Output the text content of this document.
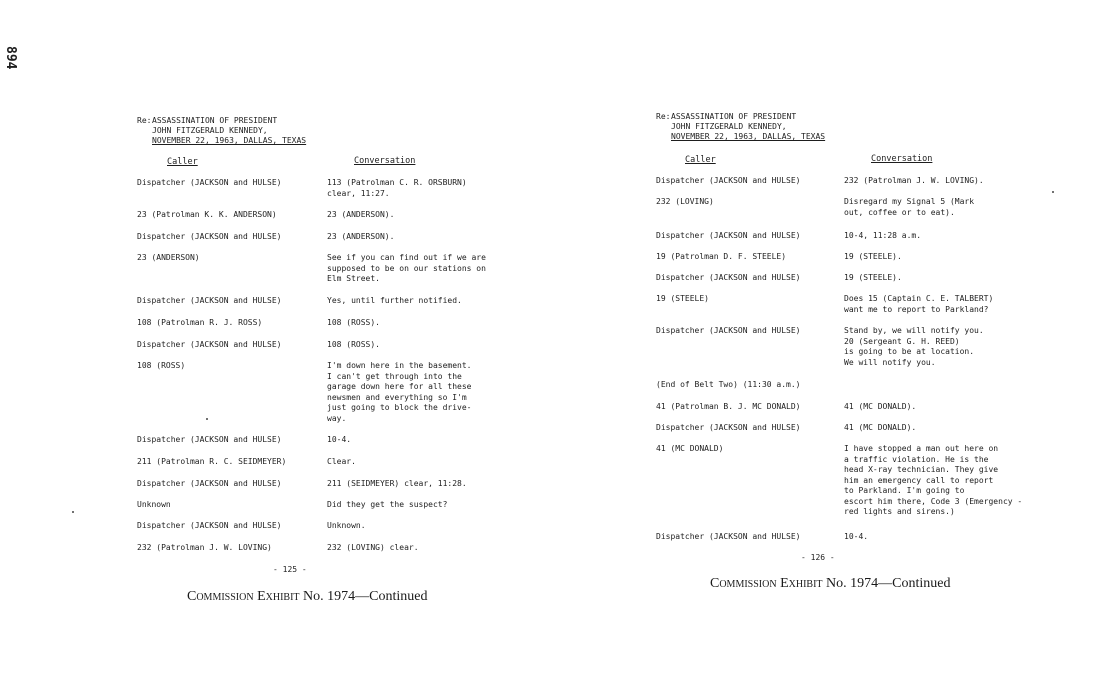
894
Re: ASSASSINATION OF PRESIDENT
JOHN FITZGERALD KENNEDY,
NOVEMBER 22, 1963, DALLAS, TEXAS
Caller	Conversation
Dispatcher (JACKSON and HULSE)	113 (Patrolman C. R. ORSBURN)
clear, 11:27.
23 (Patrolman K. K. ANDERSON)	23 (ANDERSON).
Dispatcher (JACKSON and HULSE)	23 (ANDERSON).
23 (ANDERSON)	See if you can find out if we are
supposed to be on our stations on
Elm Street.
Dispatcher (JACKSON and HULSE)	Yes, until further notified.
108 (Patrolman R. J. ROSS)	108 (ROSS).
Dispatcher (JACKSON and HULSE)	108 (ROSS).
108 (ROSS)	I'm down here in the basement.
I can't get through into the
garage down here for all these
newsmen and everything so I'm
just going to block the drive-
way.
Dispatcher (JACKSON and HULSE)	10-4.
211 (Patrolman R. C. SEIDMEYER)	Clear.
Dispatcher (JACKSON and HULSE)	211 (SEIDMEYER) clear, 11:28.
Unknown	Did they get the suspect?
Dispatcher (JACKSON and HULSE)	Unknown.
232 (Patrolman J. W. LOVING)	232 (LOVING) clear.
- 125 -
Commission Exhibit No. 1974—Continued
Re: ASSASSINATION OF PRESIDENT
JOHN FITZGERALD KENNEDY,
NOVEMBER 22, 1963, DALLAS, TEXAS
Caller	Conversation
Dispatcher (JACKSON and HULSE)	232 (Patrolman J. W. LOVING).
232 (LOVING)	Disregard my Signal 5 (Mark
out, coffee or to eat).
Dispatcher (JACKSON and HULSE)	10-4, 11:28 a.m.
19 (Patrolman D. F. STEELE)	19 (STEELE).
Dispatcher (JACKSON and HULSE)	19 (STEELE).
19 (STEELE)	Does 15 (Captain C. E. TALBERT)
want me to report to Parkland?
Dispatcher (JACKSON and HULSE)	Stand by, we will notify you.
20 (Sergeant G. H. REED)
is going to be at location.
We will notify you.
(End of Belt Two) (11:30 a.m.)
41 (Patrolman B. J. MC DONALD)	41 (MC DONALD).
Dispatcher (JACKSON and HULSE)	41 (MC DONALD).
41 (MC DONALD)	I have stopped a man out here on
a traffic violation. He is the
head X-ray technician. They give
him an emergency call to report
to Parkland. I'm going to
escort him there, Code 3 (Emergency -
red lights and sirens.)
Dispatcher (JACKSON and HULSE)	10-4.
- 126 -
Commission Exhibit No. 1974—Continued
